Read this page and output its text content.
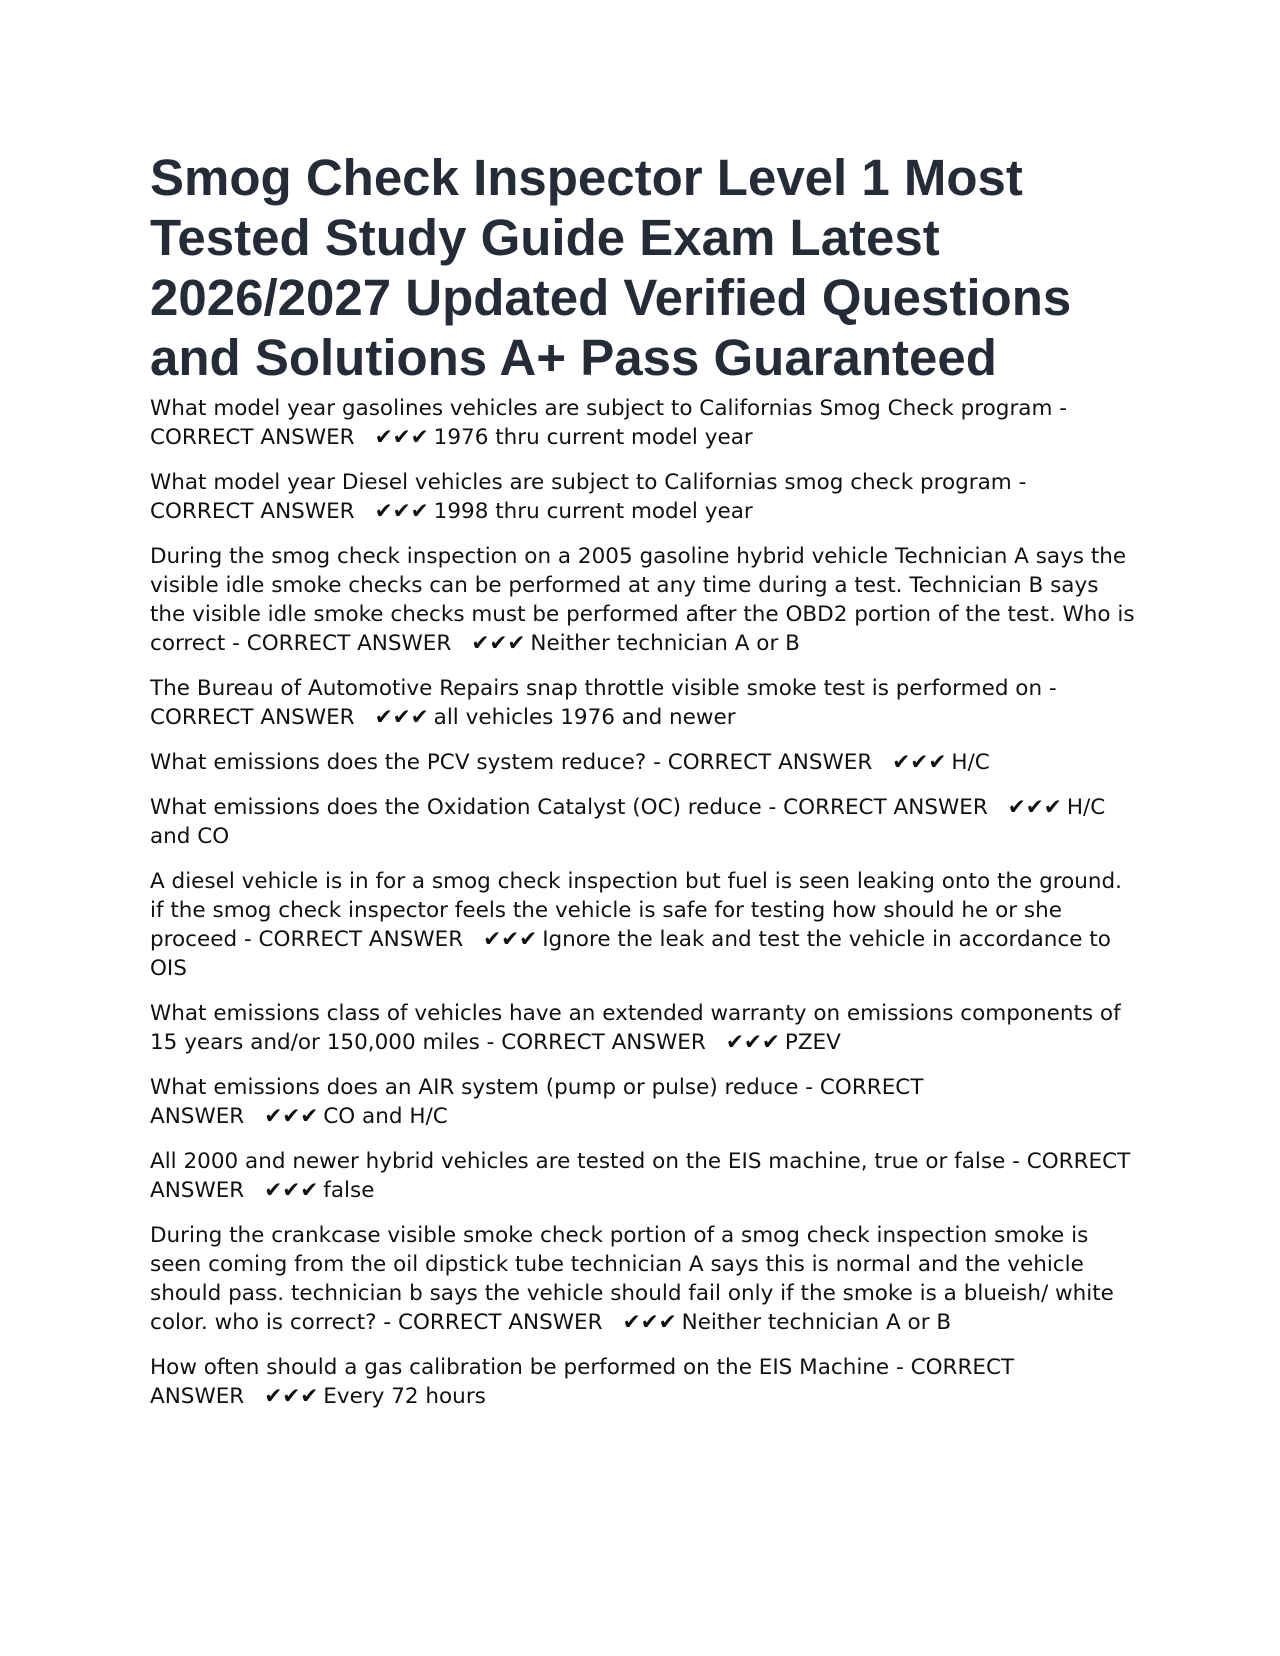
Smog Check Inspector Level 1 Most Tested Study Guide Exam Latest 2026/2027 Updated Verified Questions and Solutions A+ Pass Guaranteed

What model year gasolines vehicles are subject to Californias Smog Check program - CORRECT ANSWER ✔✔✔ 1976 thru current model year

What model year Diesel vehicles are subject to Californias smog check program - CORRECT ANSWER ✔✔✔ 1998 thru current model year

During the smog check inspection on a 2005 gasoline hybrid vehicle Technician A says the visible idle smoke checks can be performed at any time during a test. Technician B says the visible idle smoke checks must be performed after the OBD2 portion of the test. Who is correct - CORRECT ANSWER ✔✔✔ Neither technician A or B

The Bureau of Automotive Repairs snap throttle visible smoke test is performed on - CORRECT ANSWER ✔✔✔ all vehicles 1976 and newer

What emissions does the PCV system reduce? - CORRECT ANSWER ✔✔✔ H/C

What emissions does the Oxidation Catalyst (OC) reduce - CORRECT ANSWER ✔✔✔ H/C and CO

A diesel vehicle is in for a smog check inspection but fuel is seen leaking onto the ground. if the smog check inspector feels the vehicle is safe for testing how should he or she proceed - CORRECT ANSWER ✔✔✔ Ignore the leak and test the vehicle in accordance to OIS

What emissions class of vehicles have an extended warranty on emissions components of 15 years and/or 150,000 miles - CORRECT ANSWER ✔✔✔ PZEV

What emissions does an AIR system (pump or pulse) reduce - CORRECT ANSWER ✔✔✔ CO and H/C

All 2000 and newer hybrid vehicles are tested on the EIS machine, true or false - CORRECT ANSWER ✔✔✔ false

During the crankcase visible smoke check portion of a smog check inspection smoke is seen coming from the oil dipstick tube technician A says this is normal and the vehicle should pass. technician b says the vehicle should fail only if the smoke is a blueish/ white color. who is correct? - CORRECT ANSWER ✔✔✔ Neither technician A or B

How often should a gas calibration be performed on the EIS Machine - CORRECT ANSWER ✔✔✔ Every 72 hours
